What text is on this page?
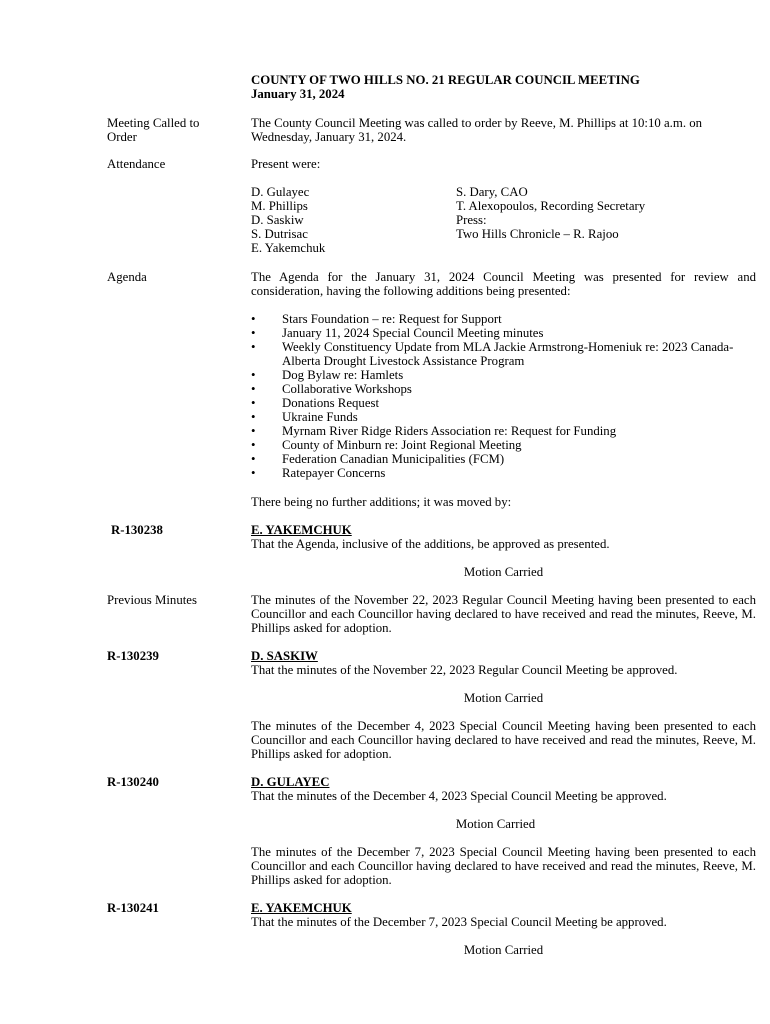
COUNTY OF TWO HILLS NO. 21 REGULAR COUNCIL MEETING
January 31, 2024
Meeting Called to Order
The County Council Meeting was called to order by Reeve, M. Phillips at 10:10 a.m. on Wednesday, January 31, 2024.
Attendance	Present were:
D. Gulayec
M. Phillips
D. Saskiw
S. Dutrisac
E. Yakemchuk
S. Dary, CAO
T. Alexopoulos, Recording Secretary
Press:
Two Hills Chronicle – R. Rajoo
Agenda	The Agenda for the January 31, 2024 Council Meeting was presented for review and consideration, having the following additions being presented:
• Stars Foundation – re: Request for Support
• January 11, 2024 Special Council Meeting minutes
• Weekly Constituency Update from MLA Jackie Armstrong-Homeniuk re: 2023 Canada-Alberta Drought Livestock Assistance Program
• Dog Bylaw re: Hamlets
• Collaborative Workshops
• Donations Request
• Ukraine Funds
• Myrnam River Ridge Riders Association re: Request for Funding
• County of Minburn re: Joint Regional Meeting
• Federation Canadian Municipalities (FCM)
• Ratepayer Concerns
There being no further additions; it was moved by:
R-130238	E. YAKEMCHUK
That the Agenda, inclusive of the additions, be approved as presented.
Motion Carried
Previous Minutes	The minutes of the November 22, 2023 Regular Council Meeting having been presented to each Councillor and each Councillor having declared to have received and read the minutes, Reeve, M. Phillips asked for adoption.
R-130239	D. SASKIW
That the minutes of the November 22, 2023 Regular Council Meeting be approved.
Motion Carried
The minutes of the December 4, 2023 Special Council Meeting having been presented to each Councillor and each Councillor having declared to have received and read the minutes, Reeve, M. Phillips asked for adoption.
R-130240	D. GULAYEC
That the minutes of the December 4, 2023 Special Council Meeting be approved.
Motion Carried
The minutes of the December 7, 2023 Special Council Meeting having been presented to each Councillor and each Councillor having declared to have received and read the minutes, Reeve, M. Phillips asked for adoption.
R-130241	E. YAKEMCHUK
That the minutes of the December 7, 2023 Special Council Meeting be approved.
Motion Carried
